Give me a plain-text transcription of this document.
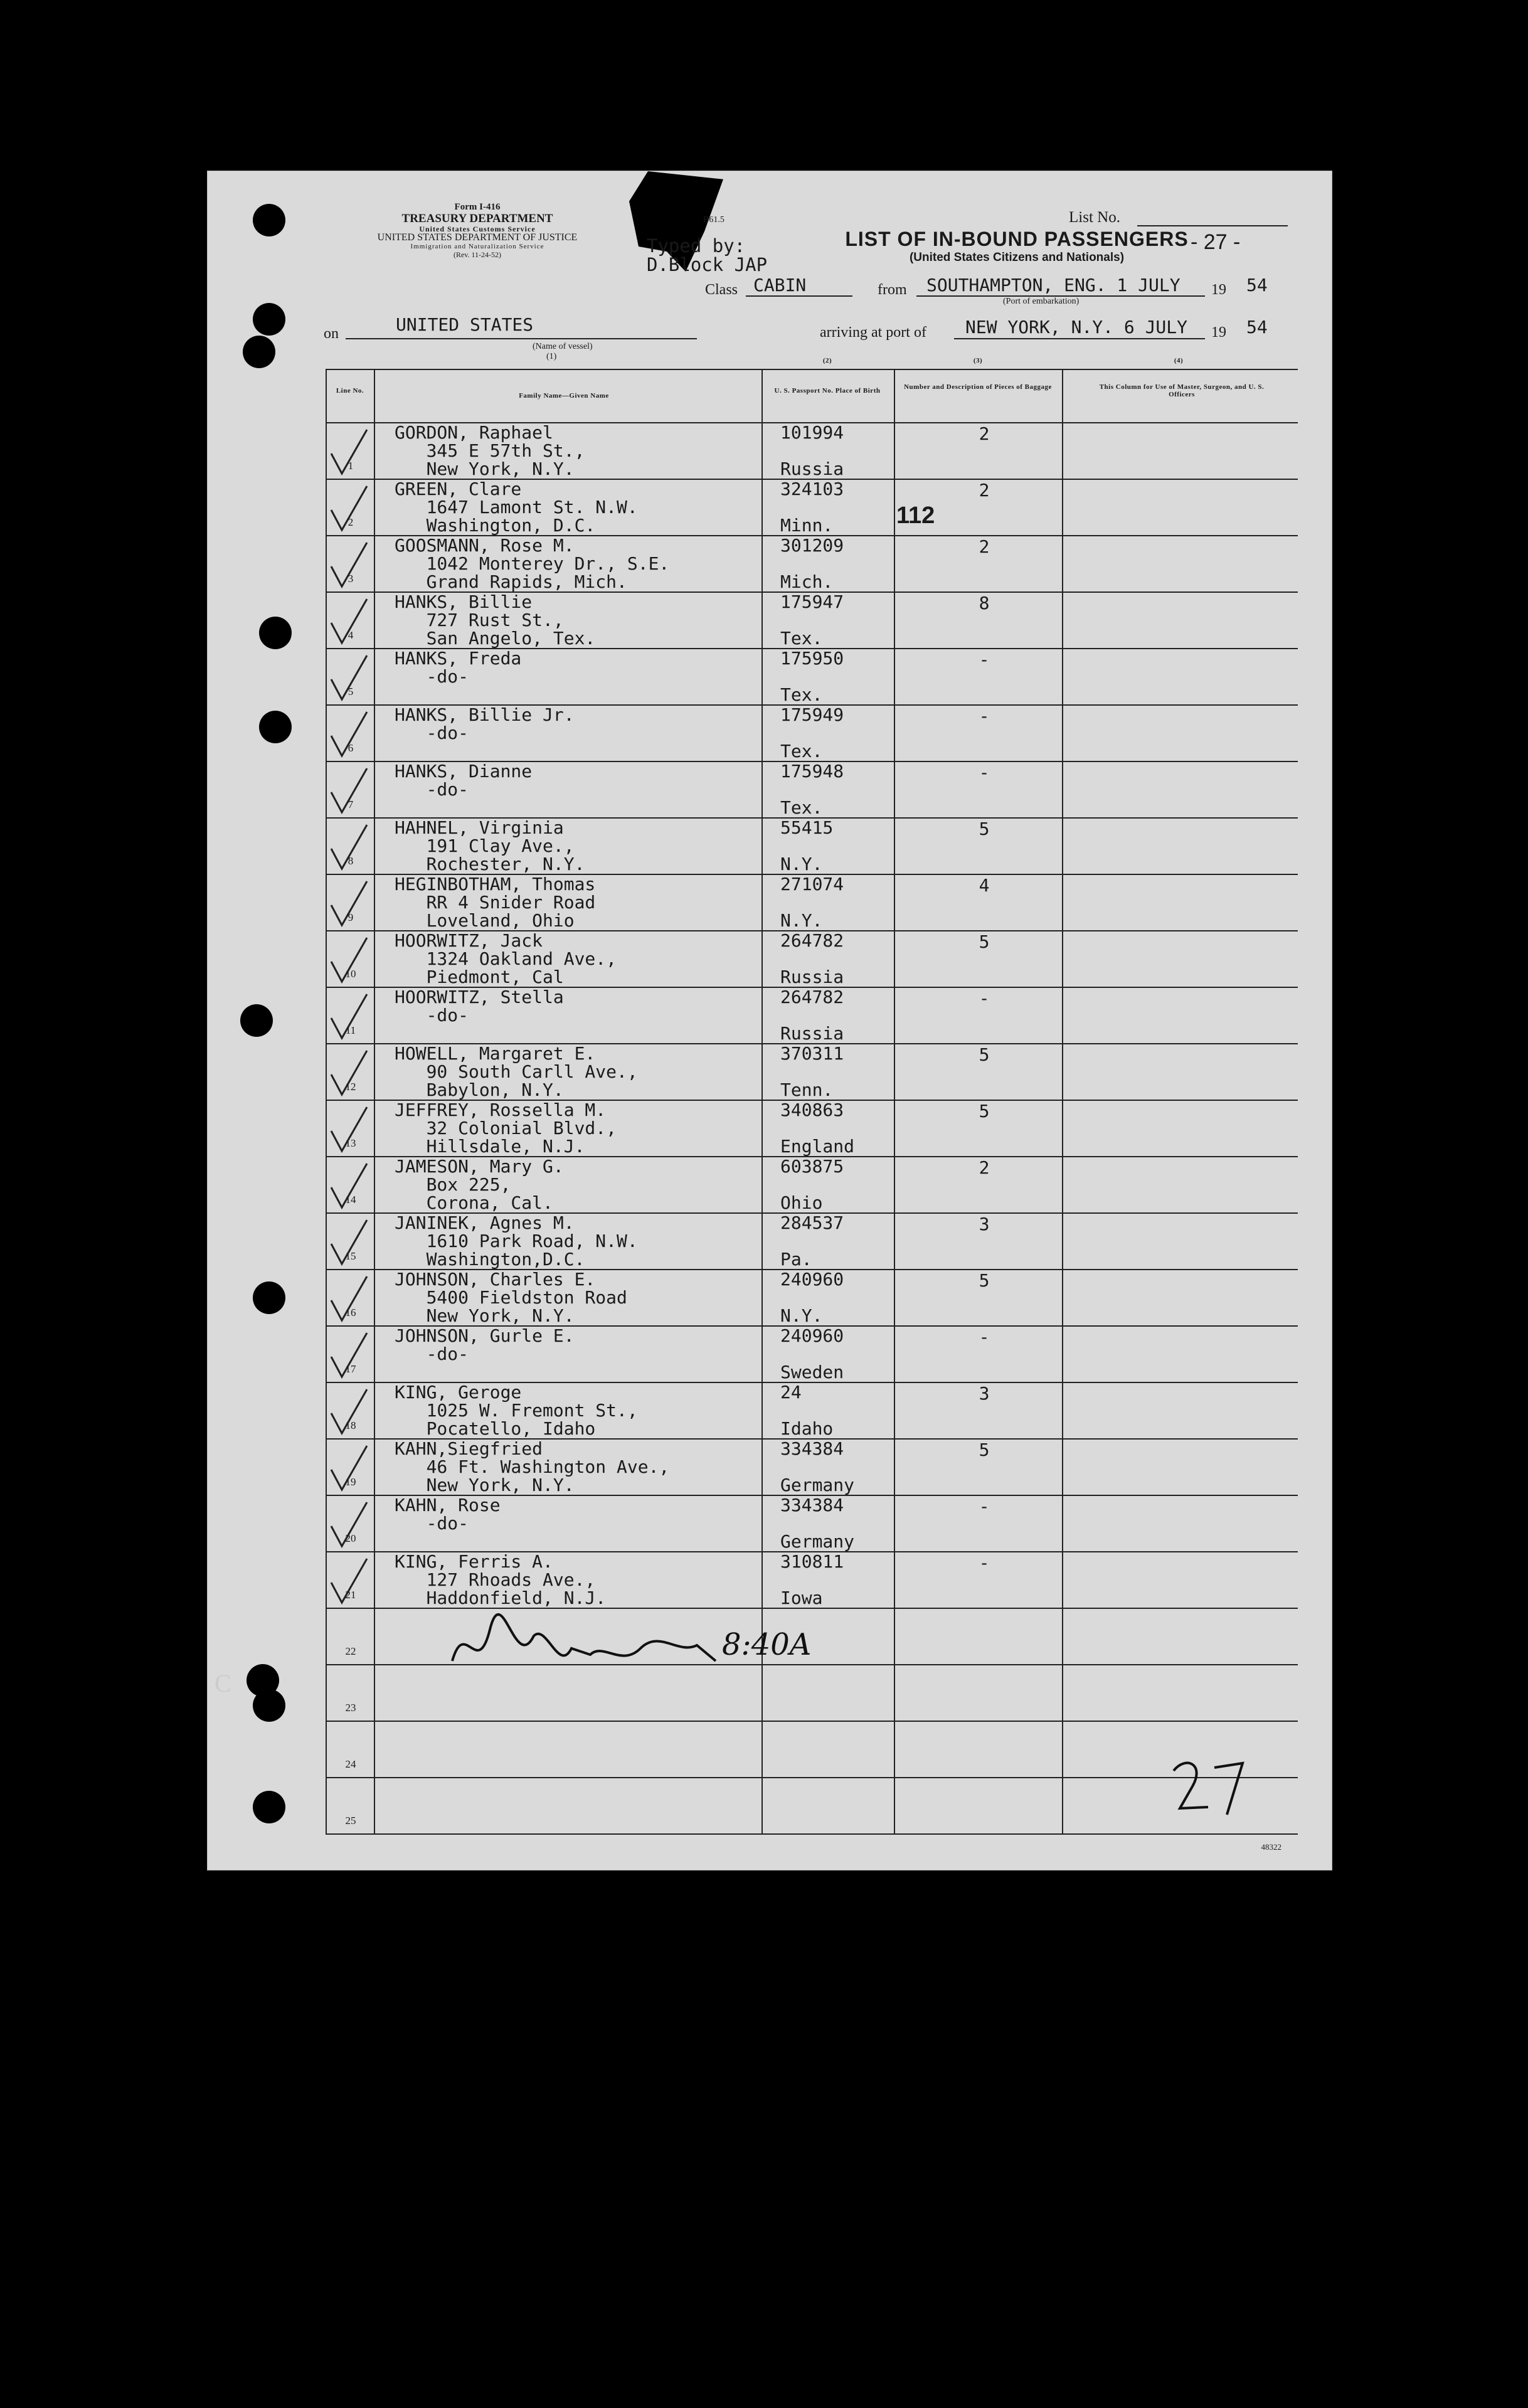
Form I-416
TREASURY DEPARTMENT
United States Customs Service
UNITED STATES DEPARTMENT OF JUSTICE
Immigration and Naturalization Service
(Rev. 11-24-52)
B61.5
Typed by:
D.Block JAP
List No.
LIST OF IN-BOUND PASSENGERS
(United States Citizens and Nationals)
- 27 -
Class CABIN	from SOUTHAMPTON, ENG. 1 JULY 19 54
(Port of embarkation)
on	UNITED STATES
(Name of vessel)
(1)
arriving at port of NEW YORK, N.Y. 6 JULY 19 54
Line No.
Family Name—Given Name
(2)
U. S. Passport No. Place of Birth
(3)
Number and Description of Pieces of Baggage
(4)
This Column for Use of Master, Surgeon, and U. S. Officers
1
GORDON, Raphael
345 E 57th St.,
New York, N.Y.
101994
Russia
2
2
GREEN, Clare
1647 Lamont St. N.W.
Washington, D.C.
324103
Minn.
2
3
GOOSMANN, Rose M.
1042 Monterey Dr., S.E.
Grand Rapids, Mich.
301209
Mich.
2
4
HANKS, Billie
727 Rust St.,
San Angelo, Tex.
175947
Tex.
8
5
HANKS, Freda
-do-
175950
Tex.
-
6
HANKS, Billie Jr.
-do-
175949
Tex.
-
7
HANKS, Dianne
-do-
175948
Tex.
-
8
HAHNEL, Virginia
191 Clay Ave.,
Rochester, N.Y.
55415
N.Y.
5
9
HEGINBOTHAM, Thomas
RR 4 Snider Road
Loveland, Ohio
271074
N.Y.
4
10
HOORWITZ, Jack
1324 Oakland Ave.,
Piedmont, Cal
264782
Russia
5
11
HOORWITZ, Stella
-do-
264782
Russia
-
12
HOWELL, Margaret E.
90 South Carll Ave.,
Babylon, N.Y.
370311
Tenn.
5
13
JEFFREY, Rossella M.
32 Colonial Blvd.,
Hillsdale, N.J.
340863
England
5
14
JAMESON, Mary G.
Box 225,
Corona, Cal.
603875
Ohio
2
15
JANINEK, Agnes M.
1610 Park Road, N.W.
Washington,D.C.
284537
Pa.
3
16
JOHNSON, Charles E.
5400 Fieldston Road
New York, N.Y.
240960
N.Y.
5
17
JOHNSON, Gurle E.
-do-
240960
Sweden
-
18
KING, Geroge
1025 W. Fremont St.,
Pocatello, Idaho
24
Idaho
3
19
KAHN,Siegfried
46 Ft. Washington Ave.,
New York, N.Y.
334384
Germany
5
20
KAHN, Rose
-do-
334384
Germany
-
21
KING, Ferris A.
127 Rhoads Ave.,
Haddonfield, N.J.
310811
Iowa
-
22
23
24
25
112
8:40A
48322
C
